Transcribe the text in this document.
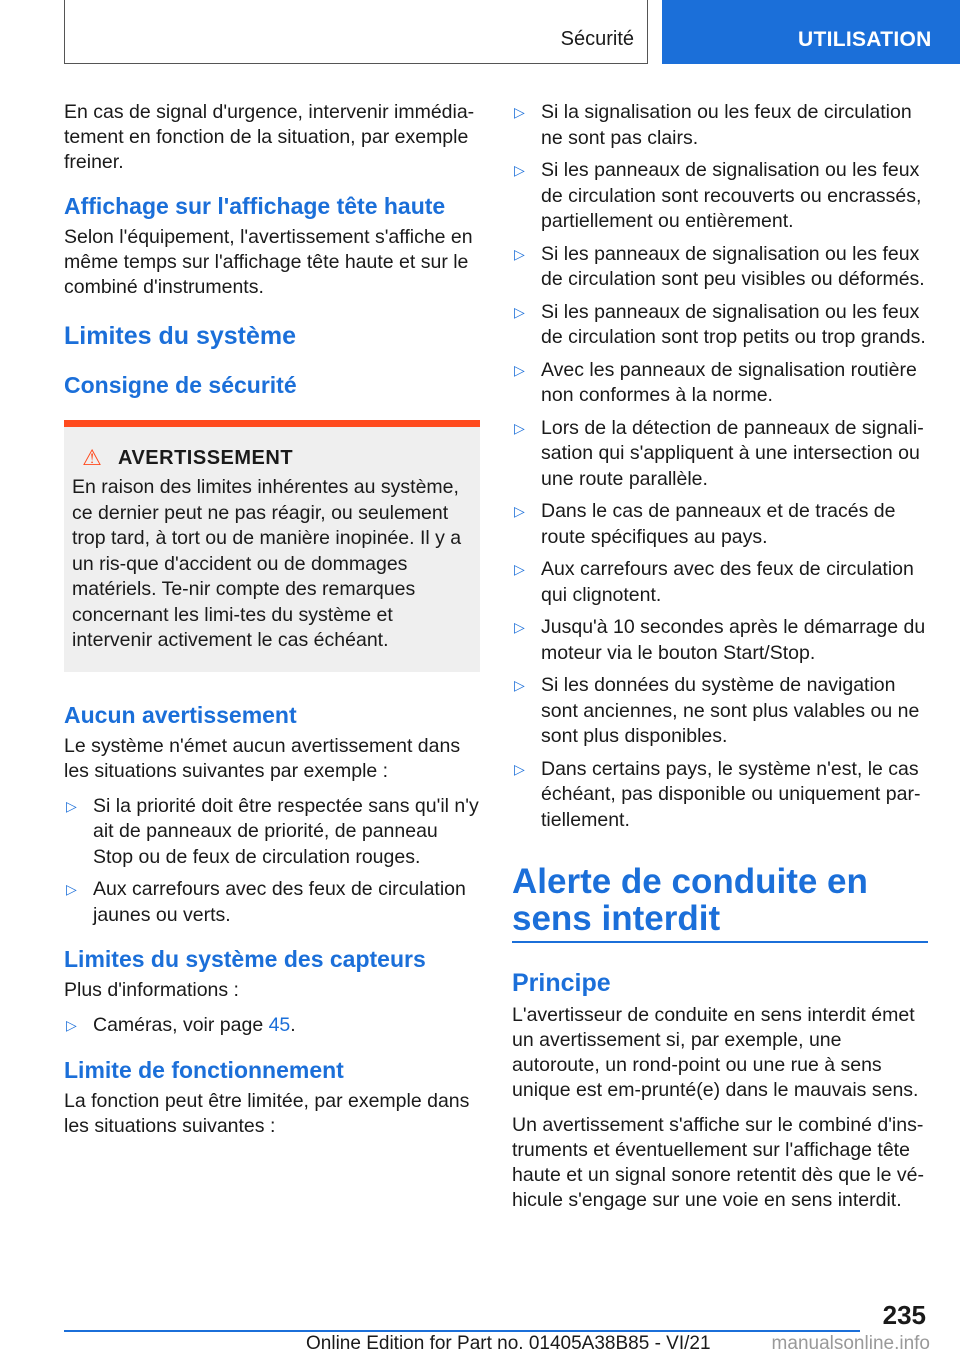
Sécurité	UTILISATION

En cas de signal d'urgence, intervenir immédia-tement en fonction de la situation, par exemple freiner.

Affichage sur l'affichage tête haute

Selon l'équipement, l'avertissement s'affiche en même temps sur l'affichage tête haute et sur le combiné d'instruments.

Limites du système
Consigne de sécurité
⚠ AVERTISSEMENT

En raison des limites inhérentes au système, ce dernier peut ne pas réagir, ou seulement trop tard, à tort ou de manière inopinée. Il y a un ris-que d'accident ou de dommages matériels. Te-nir compte des remarques concernant les limi-tes du système et intervenir activement le cas échéant.

Aucun avertissement

Le système n'émet aucun avertissement dans les situations suivantes par exemple :

▷ Si la priorité doit être respectée sans qu'il n'y ait de panneaux de priorité, de panneau Stop ou de feux de circulation rouges.
▷ Aux carrefours avec des feux de circulation jaunes ou verts.
Limites du système des capteurs

Plus d'informations :

▷ Caméras, voir page 45.
Limite de fonctionnement

La fonction peut être limitée, par exemple dans les situations suivantes :

▷ Si la signalisation ou les feux de circulation ne sont pas clairs.
▷ Si les panneaux de signalisation ou les feux de circulation sont recouverts ou encrassés, partiellement ou entièrement.
▷ Si les panneaux de signalisation ou les feux de circulation sont peu visibles ou déformés.
▷ Si les panneaux de signalisation ou les feux de circulation sont trop petits ou trop grands.
▷ Avec les panneaux de signalisation routière non conformes à la norme.
▷ Lors de la détection de panneaux de signali-sation qui s'appliquent à une intersection ou une route parallèle.
▷ Dans le cas de panneaux et de tracés de route spécifiques au pays.
▷ Aux carrefours avec des feux de circulation qui clignotent.
▷ Jusqu'à 10 secondes après le démarrage du moteur via le bouton Start/Stop.
▷ Si les données du système de navigation sont anciennes, ne sont plus valables ou ne sont plus disponibles.
▷ Dans certains pays, le système n'est, le cas échéant, pas disponible ou uniquement par-tiellement.
Alerte de conduite en sens interdit
Principe

L'avertisseur de conduite en sens interdit émet un avertissement si, par exemple, une autoroute, un rond-point ou une rue à sens unique est em-prunté(e) dans le mauvais sens.

Un avertissement s'affiche sur le combiné d'ins-truments et éventuellement sur l'affichage tête haute et un signal sonore retentit dès que le vé-hicule s'engage sur une voie en sens interdit.

235
Online Edition for Part no. 01405A38B85 - VI/21	manualsonline.info
